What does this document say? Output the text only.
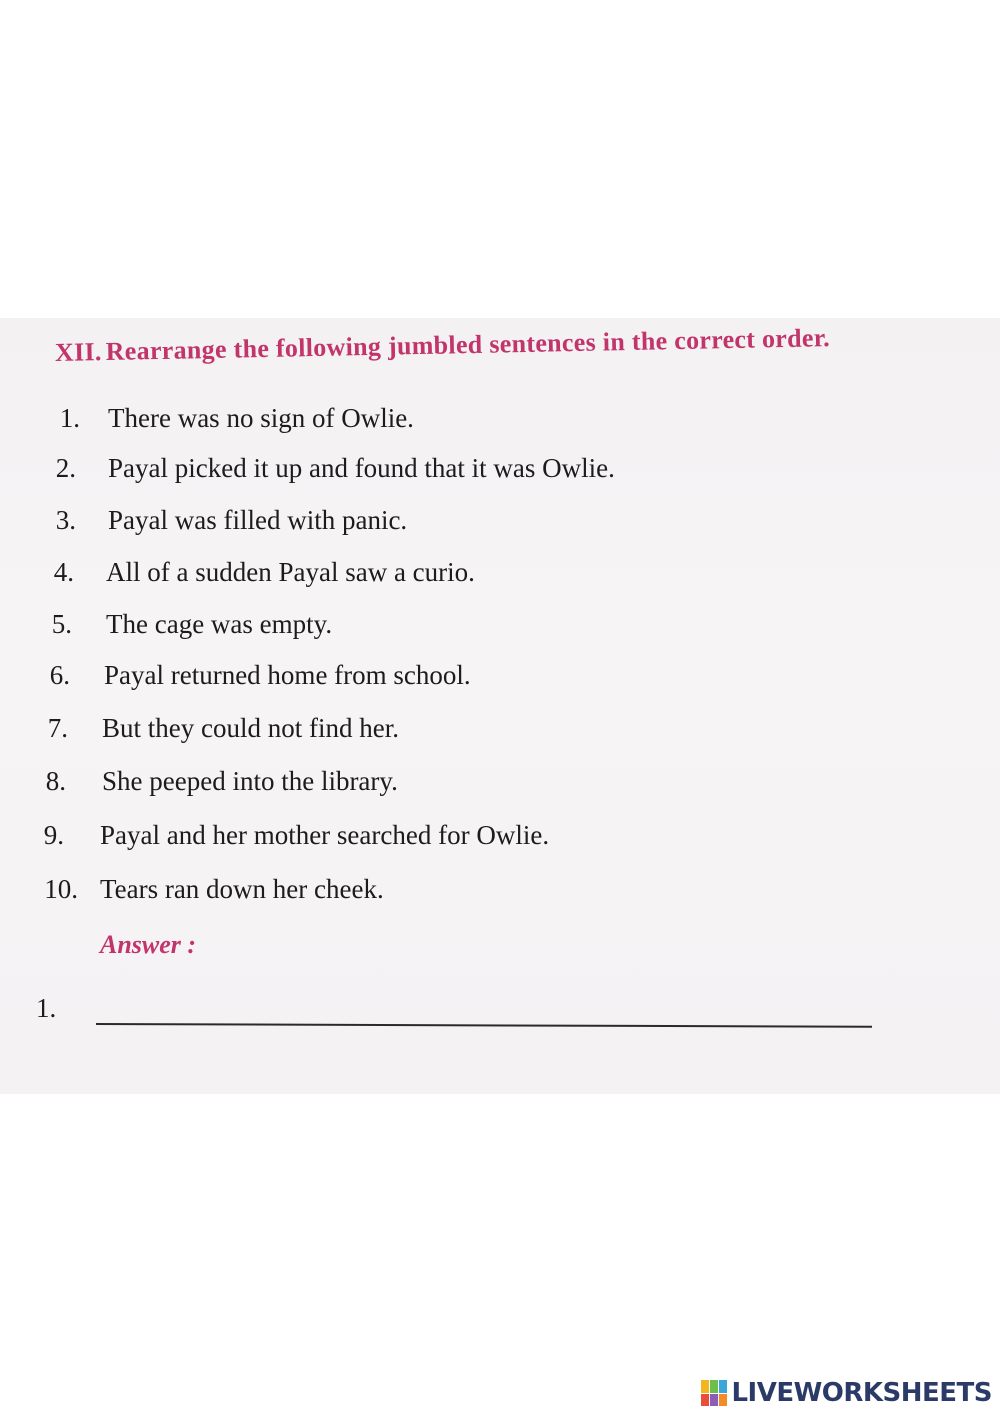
XII. Rearrange the following jumbled sentences in the correct order.
1. There was no sign of Owlie.
2. Payal picked it up and found that it was Owlie.
3. Payal was filled with panic.
4. All of a sudden Payal saw a curio.
5. The cage was empty.
6. Payal returned home from school.
7. But they could not find her.
8. She peeped into the library.
9. Payal and her mother searched for Owlie.
10. Tears ran down her cheek.
Answer :
1.
LIVEWORKSHEETS
